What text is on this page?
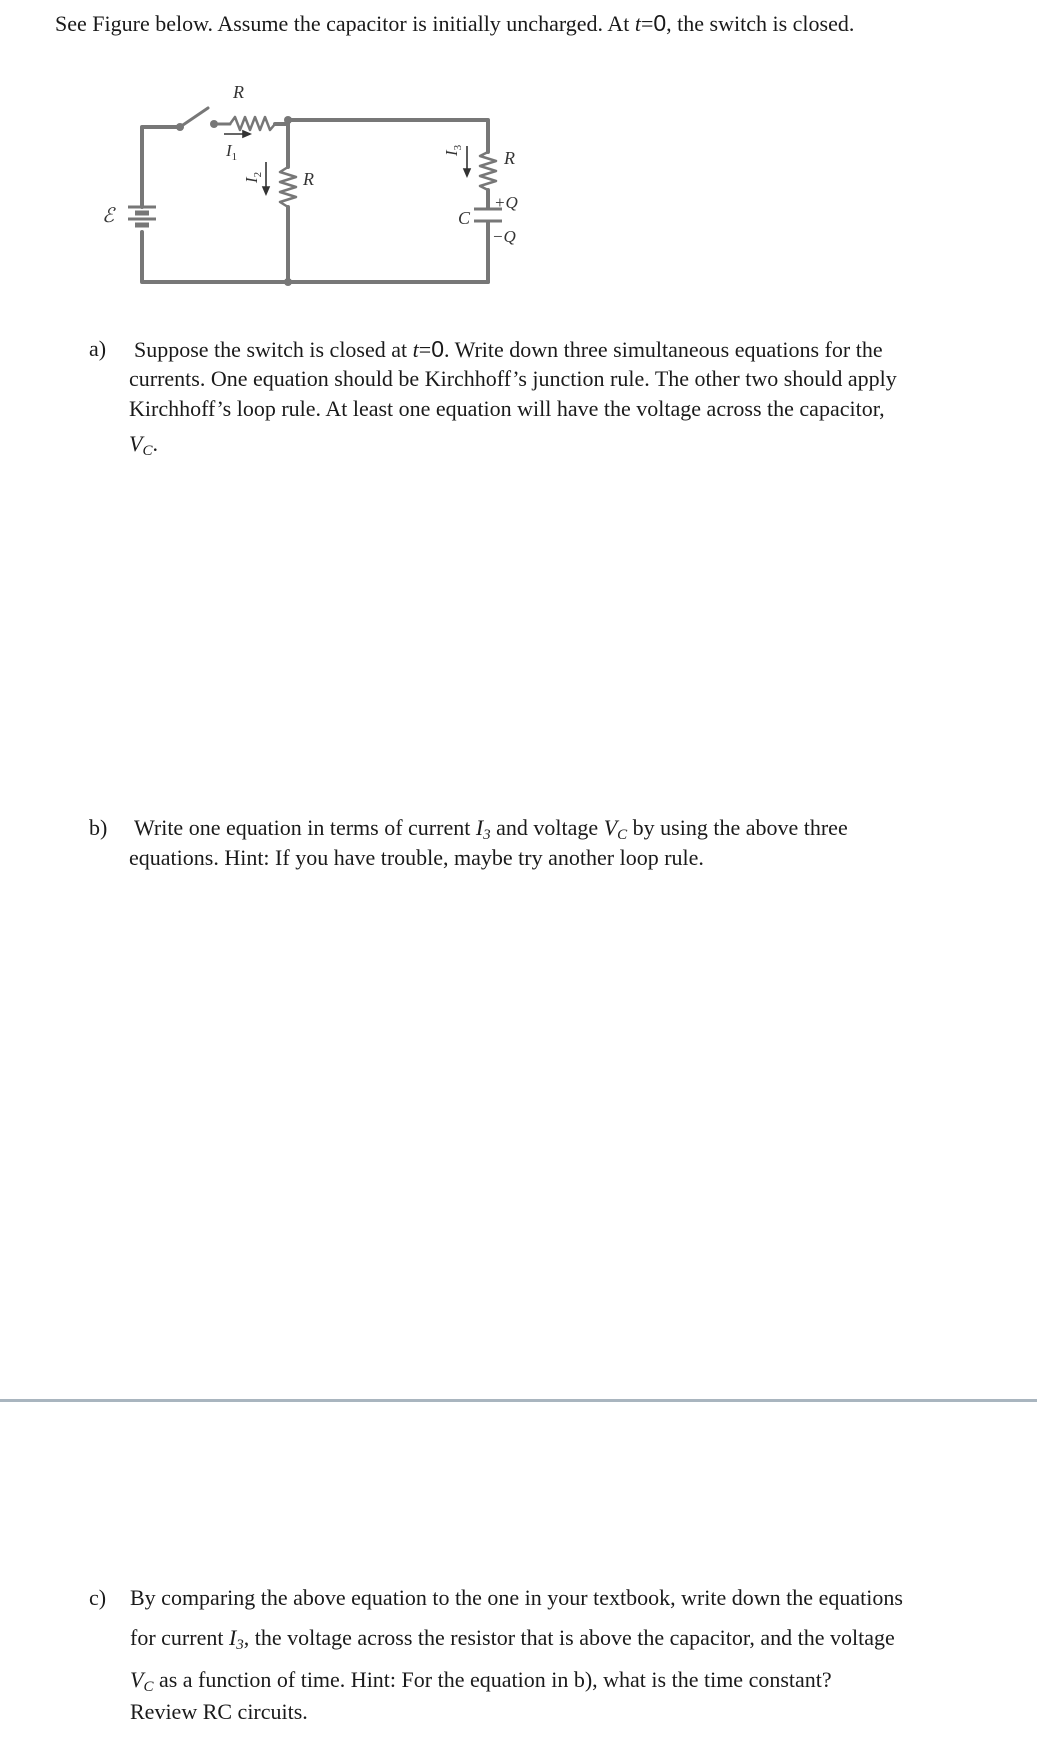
See Figure below. Assume the capacitor is initially uncharged. At t=0, the switch is closed.
R
$I_1$
$I_2$ R
$I_3$
R
ℰ	C
+Q
−Q
a) Suppose the switch is closed at t=0. Write down three simultaneous equations for the
currents. One equation should be Kirchhoff’s junction rule. The other two should apply
Kirchhoff’s loop rule. At least one equation will have the voltage across the capacitor,
$V_C$.
b) Write one equation in terms of current $I_3$ and voltage $V_C$ by using the above three
equations. Hint: If you have trouble, maybe try another loop rule.
c) By comparing the above equation to the one in your textbook, write down the equations
for current $I_3$, the voltage across the resistor that is above the capacitor, and the voltage
$V_C$ as a function of time. Hint: For the equation in b), what is the time constant?
Review RC circuits.
